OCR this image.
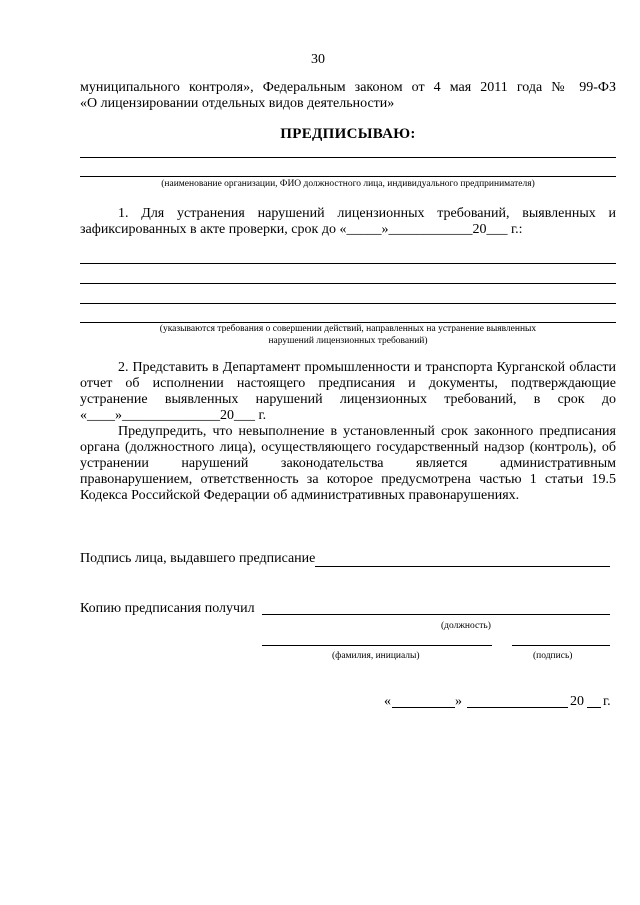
30
муниципального контроля», Федеральным законом от 4 мая 2011 года № 99-ФЗ
«О лицензировании отдельных видов деятельности»
ПРЕДПИСЫВАЮ:
(наименование организации, ФИО должностного лица, индивидуального предпринимателя)
1. Для устранения нарушений лицензионных требований, выявленных и
зафиксированных в акте проверки, срок до «_____»____________20___ г.:
(указываются требования о совершении действий, направленных на устранение выявленных
нарушений лицензионных требований)
2. Представить в Департамент промышленности и транспорта Курганской области
отчет об исполнении настоящего предписания и документы, подтверждающие
устранение выявленных нарушений лицензионных требований, в срок до
«____»______________20___ г.
Предупредить, что невыполнение в установленный срок законного предписания
органа (должностного лица), осуществляющего государственный надзор (контроль), об
устранении нарушений законодательства является административным
правонарушением, ответственность за которое предусмотрена частью 1 статьи 19.5
Кодекса Российской Федерации об административных правонарушениях.
Подпись лица, выдавшего предписание
Копию предписания получил
(должность)
(фамилия, инициалы)	(подпись)
«	»	20 г.
